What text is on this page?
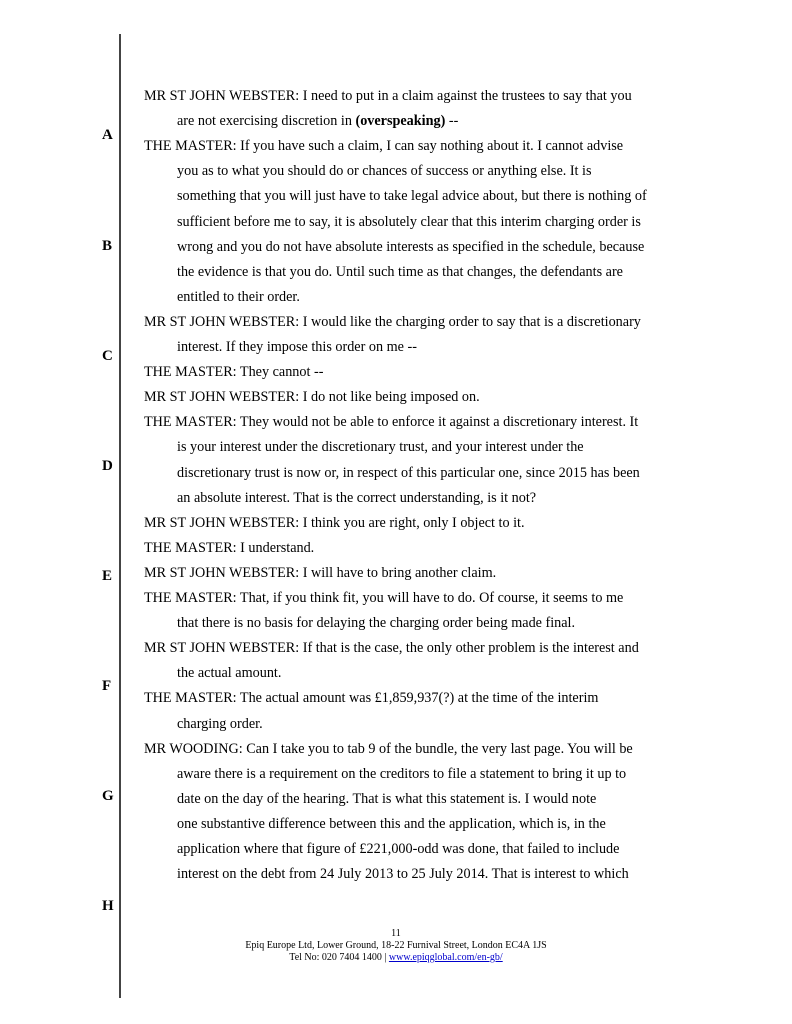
A
B
C
D
E
F
G
H
MR ST JOHN WEBSTER: I need to put in a claim against the trustees to say that you
are not exercising discretion in (overspeaking) --
THE MASTER: If you have such a claim, I can say nothing about it. I cannot advise
you as to what you should do or chances of success or anything else. It is
something that you will just have to take legal advice about, but there is nothing of
sufficient before me to say, it is absolutely clear that this interim charging order is
wrong and you do not have absolute interests as specified in the schedule, because
the evidence is that you do. Until such time as that changes, the defendants are
entitled to their order.
MR ST JOHN WEBSTER: I would like the charging order to say that is a discretionary
interest. If they impose this order on me --
THE MASTER: They cannot --
MR ST JOHN WEBSTER: I do not like being imposed on.
THE MASTER: They would not be able to enforce it against a discretionary interest. It
is your interest under the discretionary trust, and your interest under the
discretionary trust is now or, in respect of this particular one, since 2015 has been
an absolute interest. That is the correct understanding, is it not?
MR ST JOHN WEBSTER: I think you are right, only I object to it.
THE MASTER: I understand.
MR ST JOHN WEBSTER: I will have to bring another claim.
THE MASTER: That, if you think fit, you will have to do. Of course, it seems to me
that there is no basis for delaying the charging order being made final.
MR ST JOHN WEBSTER: If that is the case, the only other problem is the interest and
the actual amount.
THE MASTER: The actual amount was £1,859,937(?) at the time of the interim
charging order.
MR WOODING: Can I take you to tab 9 of the bundle, the very last page. You will be
aware there is a requirement on the creditors to file a statement to bring it up to
date on the day of the hearing. That is what this statement is. I would note
one substantive difference between this and the application, which is, in the
application where that figure of £221,000-odd was done, that failed to include
interest on the debt from 24 July 2013 to 25 July 2014. That is interest to which
11
Epiq Europe Ltd, Lower Ground, 18-22 Furnival Street, London EC4A 1JS
Tel No: 020 7404 1400 | www.epiqglobal.com/en-gb/
